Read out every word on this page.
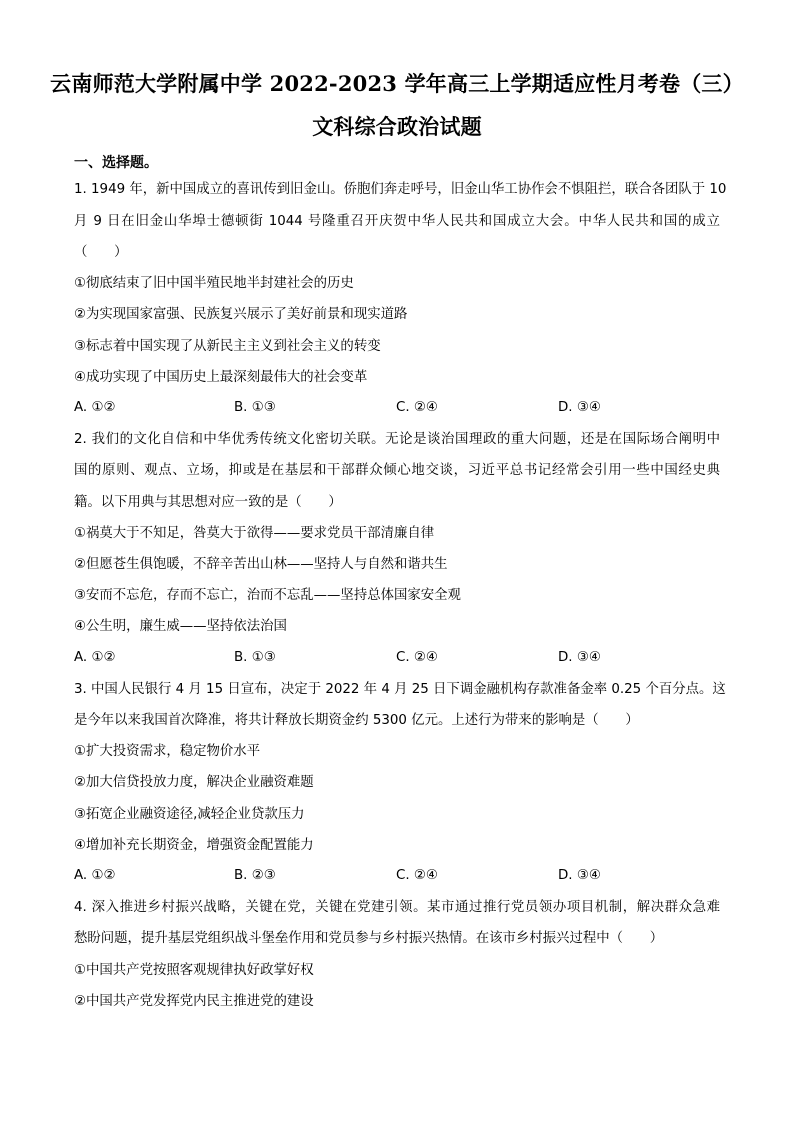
云南师范大学附属中学 2022-2023 学年高三上学期适应性月考卷（三）
文科综合政治试题
一、选择题。
1. 1949 年，新中国成立的喜讯传到旧金山。侨胞们奔走呼号，旧金山华工协作会不惧阻拦，联合各团队于 10
月 9 日在旧金山华埠士德顿街 1044 号隆重召开庆贺中华人民共和国成立大会。中华人民共和国的成立
（　　）
①彻底结束了旧中国半殖民地半封建社会的历史
②为实现国家富强、民族复兴展示了美好前景和现实道路
③标志着中国实现了从新民主主义到社会主义的转变
④成功实现了中国历史上最深刻最伟大的社会变革
A. ①②	B. ①③	C. ②④	D. ③④
2. 我们的文化自信和中华优秀传统文化密切关联。无论是谈治国理政的重大问题，还是在国际场合阐明中
国的原则、观点、立场，抑或是在基层和干部群众倾心地交谈，习近平总书记经常会引用一些中国经史典
籍。以下用典与其思想对应一致的是（　　）
①祸莫大于不知足，咎莫大于欲得——要求党员干部清廉自律
②但愿苍生俱饱暖，不辞辛苦出山林——坚持人与自然和谐共生
③安而不忘危，存而不忘亡，治而不忘乱——坚持总体国家安全观
④公生明，廉生威——坚持依法治国
A. ①②	B. ①③	C. ②④	D. ③④
3. 中国人民银行 4 月 15 日宣布，决定于 2022 年 4 月 25 日下调金融机构存款准备金率 0.25 个百分点。这
是今年以来我国首次降准，将共计释放长期资金约 5300 亿元。上述行为带来的影响是（　　）
①扩大投资需求，稳定物价水平
②加大信贷投放力度，解决企业融资难题
③拓宽企业融资途径,减轻企业贷款压力
④增加补充长期资金，增强资金配置能力
A. ①②	B. ②③	C. ②④	D. ③④
4. 深入推进乡村振兴战略，关键在党，关键在党建引领。某市通过推行党员领办项目机制，解决群众急难
愁盼问题，提升基层党组织战斗堡垒作用和党员参与乡村振兴热情。在该市乡村振兴过程中（　　）
①中国共产党按照客观规律执好政掌好权
②中国共产党发挥党内民主推进党的建设
